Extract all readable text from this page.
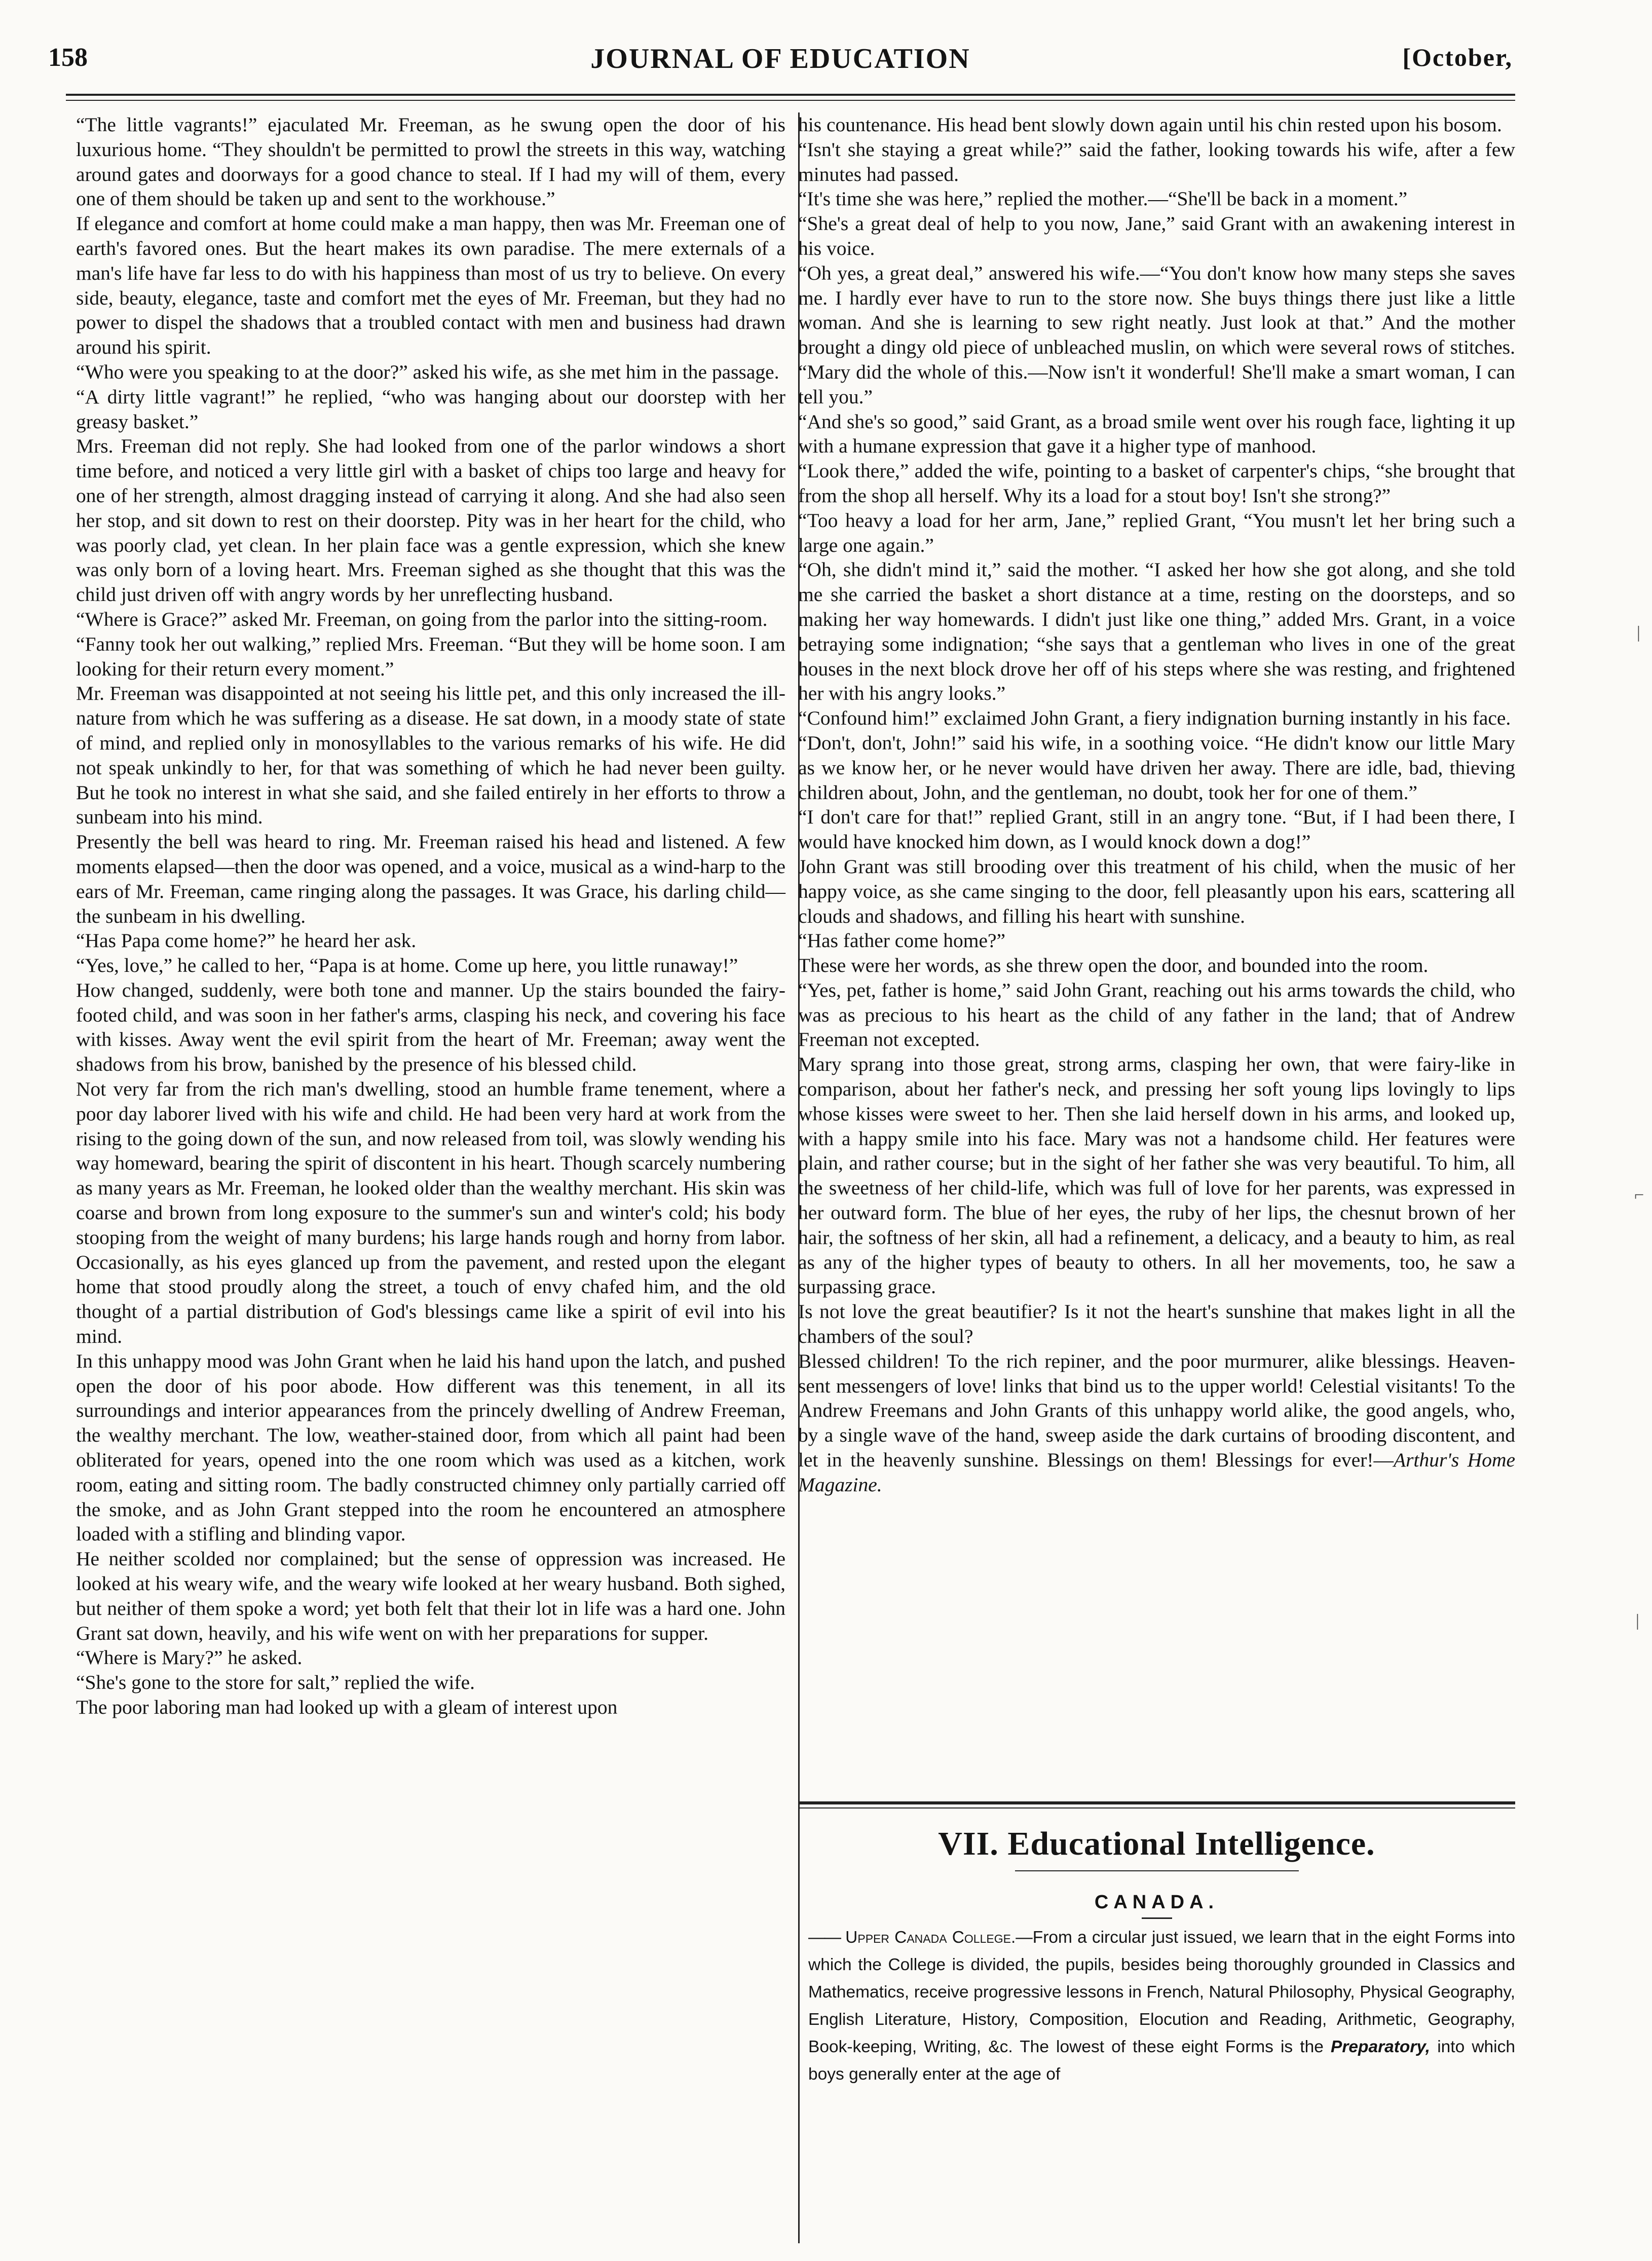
158	JOURNAL OF EDUCATION	[October,

“The little vagrants!” ejaculated Mr. Freeman, as he swung open the door of his luxurious home. “They shouldn't be permitted to prowl the streets in this way, watching around gates and doorways for a good chance to steal. If I had my will of them, every one of them should be taken up and sent to the workhouse.”

If elegance and comfort at home could make a man happy, then was Mr. Freeman one of earth's favored ones. But the heart makes its own paradise. The mere externals of a man's life have far less to do with his happiness than most of us try to believe. On every side, beauty, elegance, taste and comfort met the eyes of Mr. Freeman, but they had no power to dispel the shadows that a troubled contact with men and business had drawn around his spirit.

“Who were you speaking to at the door?” asked his wife, as she met him in the passage.

“A dirty little vagrant!” he replied, “who was hanging about our doorstep with her greasy basket.”

Mrs. Freeman did not reply. She had looked from one of the parlor windows a short time before, and noticed a very little girl with a basket of chips too large and heavy for one of her strength, almost dragging instead of carrying it along. And she had also seen her stop, and sit down to rest on their doorstep. Pity was in her heart for the child, who was poorly clad, yet clean. In her plain face was a gentle expression, which she knew was only born of a loving heart. Mrs. Freeman sighed as she thought that this was the child just driven off with angry words by her unreflecting husband.

“Where is Grace?” asked Mr. Freeman, on going from the parlor into the sitting-room.

“Fanny took her out walking,” replied Mrs. Freeman. “But they will be home soon. I am looking for their return every moment.”

Mr. Freeman was disappointed at not seeing his little pet, and this only increased the ill-nature from which he was suffering as a disease. He sat down, in a moody state of state of mind, and replied only in monosyllables to the various remarks of his wife. He did not speak unkindly to her, for that was something of which he had never been guilty. But he took no interest in what she said, and she failed entirely in her efforts to throw a sunbeam into his mind.

Presently the bell was heard to ring. Mr. Freeman raised his head and listened. A few moments elapsed—then the door was opened, and a voice, musical as a wind-harp to the ears of Mr. Freeman, came ringing along the passages. It was Grace, his darling child—the sunbeam in his dwelling.

“Has Papa come home?” he heard her ask.

“Yes, love,” he called to her, “Papa is at home. Come up here, you little runaway!”

How changed, suddenly, were both tone and manner. Up the stairs bounded the fairy-footed child, and was soon in her father's arms, clasping his neck, and covering his face with kisses. Away went the evil spirit from the heart of Mr. Freeman; away went the shadows from his brow, banished by the presence of his blessed child.

Not very far from the rich man's dwelling, stood an humble frame tenement, where a poor day laborer lived with his wife and child. He had been very hard at work from the rising to the going down of the sun, and now released from toil, was slowly wending his way homeward, bearing the spirit of discontent in his heart. Though scarcely numbering as many years as Mr. Freeman, he looked older than the wealthy merchant. His skin was coarse and brown from long exposure to the summer's sun and winter's cold; his body stooping from the weight of many burdens; his large hands rough and horny from labor. Occasionally, as his eyes glanced up from the pavement, and rested upon the elegant home that stood proudly along the street, a touch of envy chafed him, and the old thought of a partial distribution of God's blessings came like a spirit of evil into his mind.

In this unhappy mood was John Grant when he laid his hand upon the latch, and pushed open the door of his poor abode. How different was this tenement, in all its surroundings and interior appearances from the princely dwelling of Andrew Freeman, the wealthy merchant. The low, weather-stained door, from which all paint had been obliterated for years, opened into the one room which was used as a kitchen, work room, eating and sitting room. The badly constructed chimney only partially carried off the smoke, and as John Grant stepped into the room he encountered an atmosphere loaded with a stifling and blinding vapor.

He neither scolded nor complained; but the sense of oppression was increased. He looked at his weary wife, and the weary wife looked at her weary husband. Both sighed, but neither of them spoke a word; yet both felt that their lot in life was a hard one. John Grant sat down, heavily, and his wife went on with her preparations for supper.

“Where is Mary?” he asked.

“She's gone to the store for salt,” replied the wife.

The poor laboring man had looked up with a gleam of interest upon

his countenance. His head bent slowly down again until his chin rested upon his bosom.

“Isn't she staying a great while?” said the father, looking towards his wife, after a few minutes had passed.

“It's time she was here,” replied the mother.—“She'll be back in a moment.”

“She's a great deal of help to you now, Jane,” said Grant with an awakening interest in his voice.

“Oh yes, a great deal,” answered his wife.—“You don't know how many steps she saves me. I hardly ever have to run to the store now. She buys things there just like a little woman. And she is learning to sew right neatly. Just look at that.” And the mother brought a dingy old piece of unbleached muslin, on which were several rows of stitches. “Mary did the whole of this.—Now isn't it wonderful! She'll make a smart woman, I can tell you.”

“And she's so good,” said Grant, as a broad smile went over his rough face, lighting it up with a humane expression that gave it a higher type of manhood.

“Look there,” added the wife, pointing to a basket of carpenter's chips, “she brought that from the shop all herself. Why its a load for a stout boy! Isn't she strong?”

“Too heavy a load for her arm, Jane,” replied Grant, “You musn't let her bring such a large one again.”

“Oh, she didn't mind it,” said the mother. “I asked her how she got along, and she told me she carried the basket a short distance at a time, resting on the doorsteps, and so making her way homewards. I didn't just like one thing,” added Mrs. Grant, in a voice betraying some indignation; “she says that a gentleman who lives in one of the great houses in the next block drove her off of his steps where she was resting, and frightened her with his angry looks.”

“Confound him!” exclaimed John Grant, a fiery indignation burning instantly in his face.

“Don't, don't, John!” said his wife, in a soothing voice. “He didn't know our little Mary as we know her, or he never would have driven her away. There are idle, bad, thieving children about, John, and the gentleman, no doubt, took her for one of them.”

“I don't care for that!” replied Grant, still in an angry tone. “But, if I had been there, I would have knocked him down, as I would knock down a dog!”

John Grant was still brooding over this treatment of his child, when the music of her happy voice, as she came singing to the door, fell pleasantly upon his ears, scattering all clouds and shadows, and filling his heart with sunshine.

“Has father come home?”

These were her words, as she threw open the door, and bounded into the room.

“Yes, pet, father is home,” said John Grant, reaching out his arms towards the child, who was as precious to his heart as the child of any father in the land; that of Andrew Freeman not excepted.

Mary sprang into those great, strong arms, clasping her own, that were fairy-like in comparison, about her father's neck, and pressing her soft young lips lovingly to lips whose kisses were sweet to her. Then she laid herself down in his arms, and looked up, with a happy smile into his face. Mary was not a handsome child. Her features were plain, and rather course; but in the sight of her father she was very beautiful. To him, all the sweetness of her child-life, which was full of love for her parents, was expressed in her outward form. The blue of her eyes, the ruby of her lips, the chesnut brown of her hair, the softness of her skin, all had a refinement, a delicacy, and a beauty to him, as real as any of the higher types of beauty to others. In all her movements, too, he saw a surpassing grace.

Is not love the great beautifier? Is it not the heart's sunshine that makes light in all the chambers of the soul?

Blessed children! To the rich repiner, and the poor murmurer, alike blessings. Heaven-sent messengers of love! links that bind us to the upper world! Celestial visitants! To the Andrew Freemans and John Grants of this unhappy world alike, the good angels, who, by a single wave of the hand, sweep aside the dark curtains of brooding discontent, and let in the heavenly sunshine. Blessings on them! Blessings for ever!—Arthur's Home Magazine.

VII. Educational Intelligence.
CANADA.

—— Upper Canada College.—From a circular just issued, we learn that in the eight Forms into which the College is divided, the pupils, besides being thoroughly grounded in Classics and Mathematics, receive progressive lessons in French, Natural Philosophy, Physical Geography, English Literature, History, Composition, Elocution and Reading, Arithmetic, Geography, Book-keeping, Writing, &c. The lowest of these eight Forms is the Preparatory, into which boys generally enter at the age of

|
⌐
|
